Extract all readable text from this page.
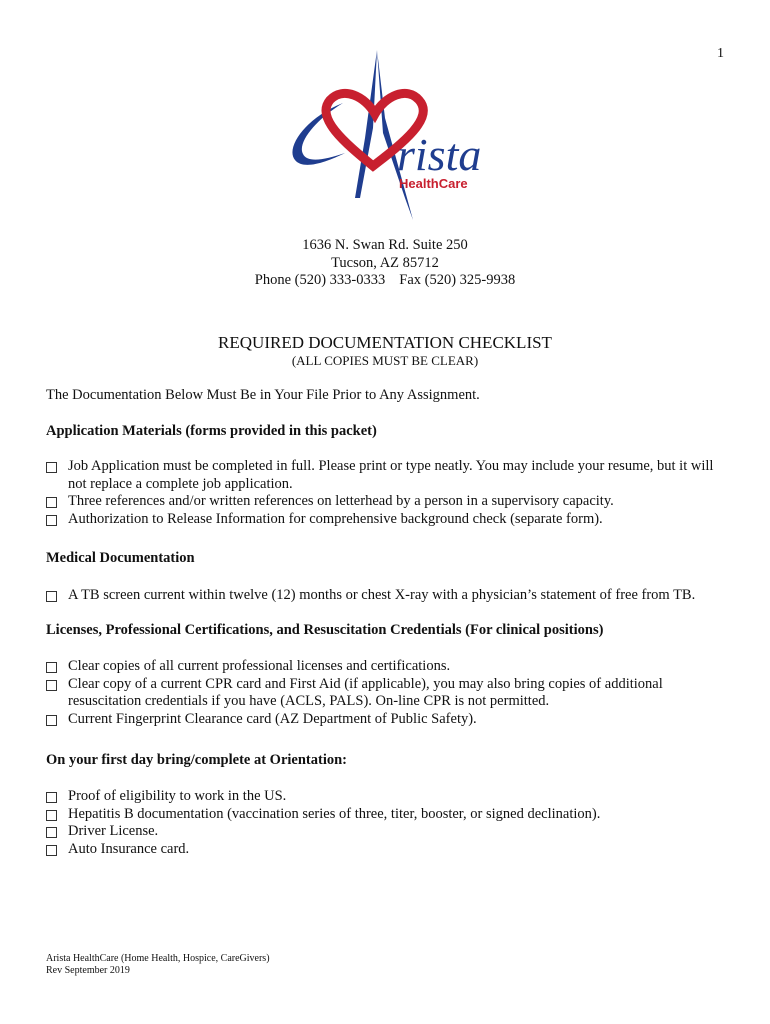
1
rista
HealthCare
1636 N. Swan Rd. Suite 250
Tucson, AZ 85712
Phone (520) 333-0333 Fax (520) 325-9938
REQUIRED DOCUMENTATION CHECKLIST
(ALL COPIES MUST BE CLEAR)
The Documentation Below Must Be in Your File Prior to Any Assignment.
Application Materials (forms provided in this packet)
Job Application must be completed in full. Please print or type neatly. You may include your resume, but it will not replace a complete job application.
Three references and/or written references on letterhead by a person in a supervisory capacity.
Authorization to Release Information for comprehensive background check (separate form).
Medical Documentation
A TB screen current within twelve (12) months or chest X-ray with a physician’s statement of free from TB.
Licenses, Professional Certifications, and Resuscitation Credentials (For clinical positions)
Clear copies of all current professional licenses and certifications.
Clear copy of a current CPR card and First Aid (if applicable), you may also bring copies of additional resuscitation credentials if you have (ACLS, PALS). On-line CPR is not permitted.
Current Fingerprint Clearance card (AZ Department of Public Safety).
On your first day bring/complete at Orientation:
Proof of eligibility to work in the US.
Hepatitis B documentation (vaccination series of three, titer, booster, or signed declination).
Driver License.
Auto Insurance card.
Arista HealthCare (Home Health, Hospice, CareGivers)
Rev September 2019
